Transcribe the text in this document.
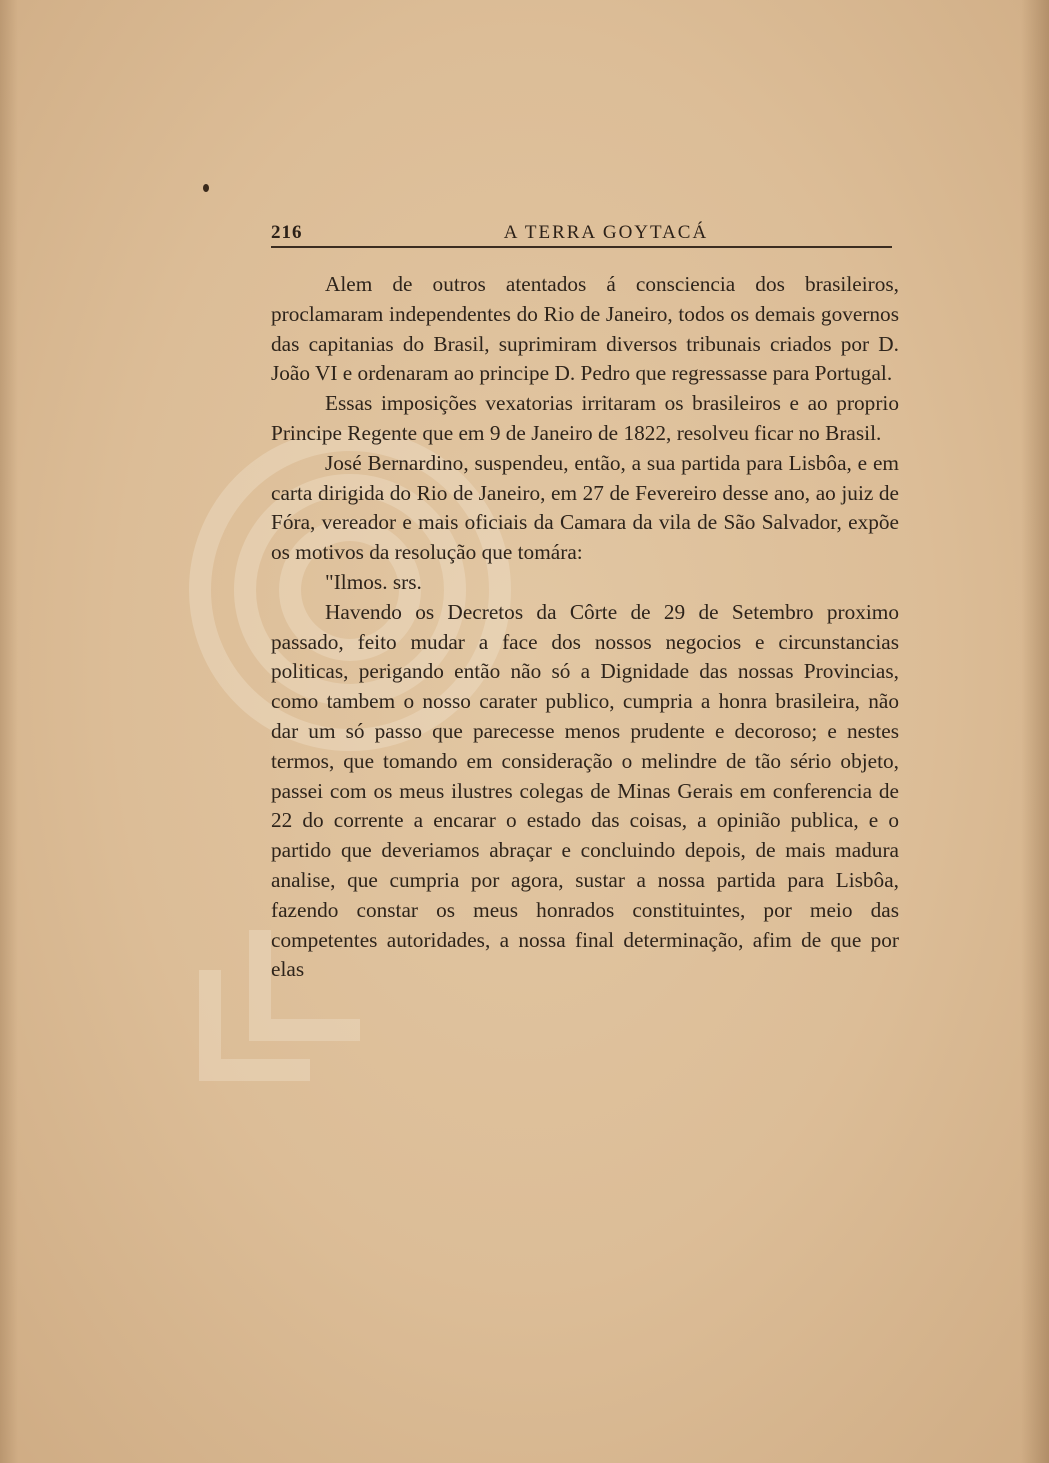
216	A TERRA GOYTACÁ

Alem de outros atentados á consciencia dos brasileiros, proclamaram independentes do Rio de Janeiro, todos os demais governos das capitanias do Brasil, suprimiram diversos tribunais criados por D. João VI e ordenaram ao principe D. Pedro que regressasse para Portugal.

Essas imposições vexatorias irritaram os brasileiros e ao proprio Principe Regente que em 9 de Janeiro de 1822, resolveu ficar no Brasil.

José Bernardino, suspendeu, então, a sua partida para Lisbôa, e em carta dirigida do Rio de Janeiro, em 27 de Fevereiro desse ano, ao juiz de Fóra, vereador e mais oficiais da Camara da vila de São Salvador, expõe os motivos da resolução que tomára:

"Ilmos. srs.

Havendo os Decretos da Côrte de 29 de Setembro proximo passado, feito mudar a face dos nossos negocios e circunstancias politicas, perigando então não só a Dignidade das nossas Provincias, como tambem o nosso carater publico, cumpria a honra brasileira, não dar um só passo que parecesse menos prudente e decoroso; e nestes termos, que tomando em consideração o melindre de tão sério objeto, passei com os meus ilustres colegas de Minas Gerais em conferencia de 22 do corrente a encarar o estado das coisas, a opinião publica, e o partido que deveriamos abraçar e concluindo depois, de mais madura analise, que cumpria por agora, sustar a nossa partida para Lisbôa, fazendo constar os meus honrados constituintes, por meio das competentes autoridades, a nossa final determinação, afim de que por elas
